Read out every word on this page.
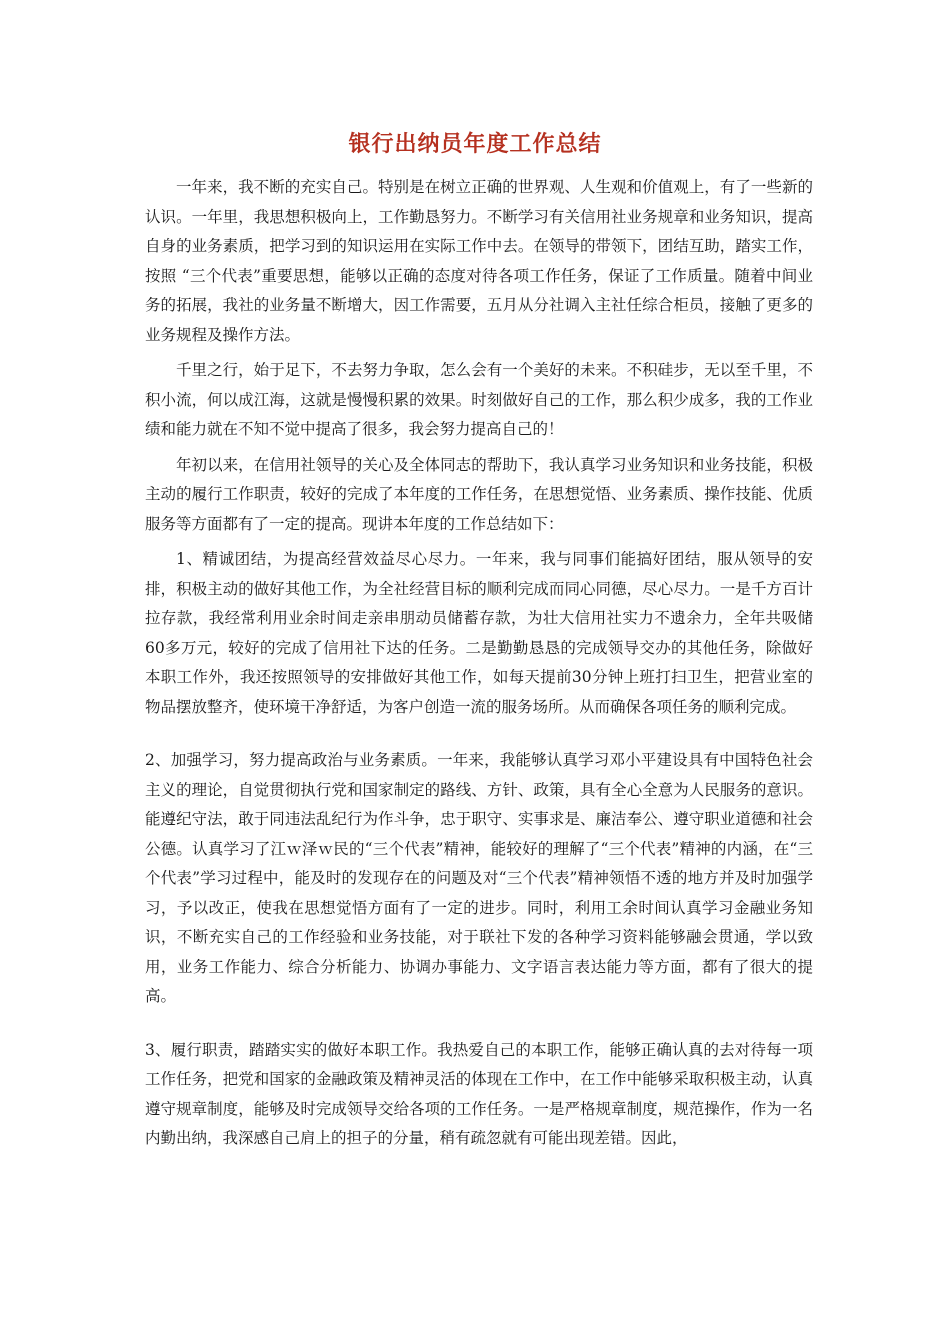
银行出纳员年度工作总结

一年来，我不断的充实自己。特别是在树立正确的世界观、人生观和价值观上，有了一些新的认识。一年里，我思想积极向上，工作勤恳努力。不断学习有关信用社业务规章和业务知识，提高自身的业务素质，把学习到的知识运用在实际工作中去。在领导的带领下，团结互助，踏实工作，按照 “三个代表”重要思想，能够以正确的态度对待各项工作任务，保证了工作质量。随着中间业务的拓展，我社的业务量不断增大，因工作需要，五月从分社调入主社任综合柜员，接触了更多的业务规程及操作方法。

千里之行，始于足下，不去努力争取，怎么会有一个美好的未来。不积硅步，无以至千里，不积小流，何以成江海，这就是慢慢积累的效果。时刻做好自己的工作，那么积少成多，我的工作业绩和能力就在不知不觉中提高了很多，我会努力提高自己的！

年初以来，在信用社领导的关心及全体同志的帮助下，我认真学习业务知识和业务技能，积极主动的履行工作职责，较好的完成了本年度的工作任务，在思想觉悟、业务素质、操作技能、优质服务等方面都有了一定的提高。现讲本年度的工作总结如下：

1、精诚团结，为提高经营效益尽心尽力。一年来，我与同事们能搞好团结，服从领导的安排，积极主动的做好其他工作，为全社经营目标的顺利完成而同心同德，尽心尽力。一是千方百计拉存款，我经常利用业余时间走亲串朋动员储蓄存款，为壮大信用社实力不遗余力，全年共吸储60多万元，较好的完成了信用社下达的任务。二是勤勤恳恳的完成领导交办的其他任务，除做好本职工作外，我还按照领导的安排做好其他工作，如每天提前30分钟上班打扫卫生，把营业室的物品摆放整齐，使环境干净舒适，为客户创造一流的服务场所。从而确保各项任务的顺利完成。

2、加强学习，努力提高政治与业务素质。一年来，我能够认真学习邓小平建设具有中国特色社会主义的理论，自觉贯彻执行党和国家制定的路线、方针、政策，具有全心全意为人民服务的意识。能遵纪守法，敢于同违法乱纪行为作斗争，忠于职守、实事求是、廉洁奉公、遵守职业道德和社会公德。认真学习了江ｗ泽ｗ民的“三个代表”精神，能较好的理解了“三个代表”精神的内涵，在“三个代表”学习过程中，能及时的发现存在的问题及对“三个代表”精神领悟不透的地方并及时加强学习，予以改正，使我在思想觉悟方面有了一定的进步。同时，利用工余时间认真学习金融业务知识，不断充实自己的工作经验和业务技能，对于联社下发的各种学习资料能够融会贯通，学以致用，业务工作能力、综合分析能力、协调办事能力、文字语言表达能力等方面，都有了很大的提高。

3、履行职责，踏踏实实的做好本职工作。我热爱自己的本职工作，能够正确认真的去对待每一项工作任务，把党和国家的金融政策及精神灵活的体现在工作中，在工作中能够采取积极主动，认真遵守规章制度，能够及时完成领导交给各项的工作任务。一是严格规章制度，规范操作，作为一名内勤出纳，我深感自己肩上的担子的分量，稍有疏忽就有可能出现差错。因此，
